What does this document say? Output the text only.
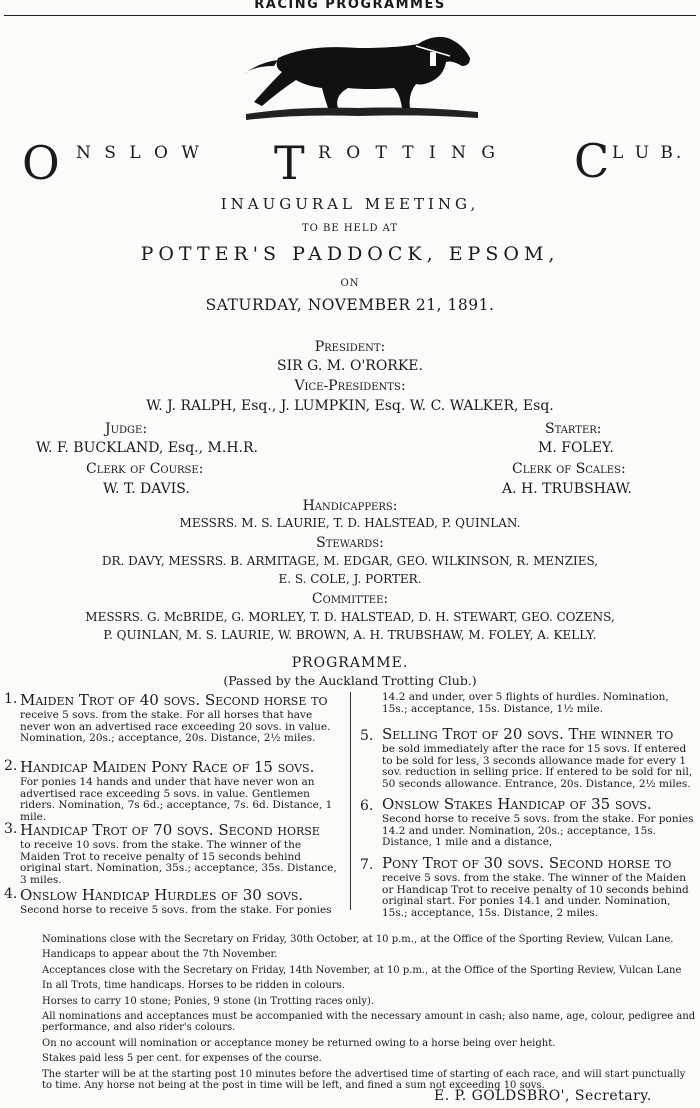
RACING PROGRAMMES
O N S L O W T R O T T I N G C L U B.
INAUGURAL MEETING,
TO BE HELD AT
POTTER'S PADDOCK, EPSOM,
ON
SATURDAY, NOVEMBER 21, 1891.
President:
SIR G. M. O'RORKE.
Vice-Presidents:
W. J. RALPH, Esq., J. LUMPKIN, Esq. W. C. WALKER, Esq.
Judge:	Starter:
W. F. BUCKLAND, Esq., M.H.R.	M. FOLEY.
Clerk of Course:	Clerk of Scales:
W. T. DAVIS.	A. H. TRUBSHAW.
Handicappers:
MESSRS. M. S. LAURIE, T. D. HALSTEAD, P. QUINLAN.
Stewards:
DR. DAVY, MESSRS. B. ARMITAGE, M. EDGAR, GEO. WILKINSON, R. MENZIES,
E. S. COLE, J. PORTER.
Committee:
MESSRS. G. McBRIDE, G. MORLEY, T. D. HALSTEAD, D. H. STEWART, GEO. COZENS,
P. QUINLAN, M. S. LAURIE, W. BROWN, A. H. TRUBSHAW, M. FOLEY, A. KELLY.
PROGRAMME.
(Passed by the Auckland Trotting Club.)
1. Maiden Trot of 40 sovs. Second horse to
receive 5 sovs. from the stake. For all horses that have never won an advertised race exceeding 20 sovs. in value. Nomination, 20s.; acceptance, 20s. Distance, 2½ miles.
2. Handicap Maiden Pony Race of 15 sovs.
For ponies 14 hands and under that have never won an advertised race exceeding 5 sovs. in value. Gentlemen riders. Nomination, 7s 6d.; acceptance, 7s. 6d. Distance, 1 mile.
3. Handicap Trot of 70 sovs. Second horse
to receive 10 sovs. from the stake. The winner of the Maiden Trot to receive penalty of 15 seconds behind original start. Nomination, 35s.; acceptance, 35s. Distance, 3 miles.
4. Onslow Handicap Hurdles of 30 sovs.
Second horse to receive 5 sovs. from the stake. For ponies
14.2 and under, over 5 flights of hurdles. Nomination, 15s.; acceptance, 15s. Distance, 1½ mile.
5. Selling Trot of 20 sovs. The winner to
be sold immediately after the race for 15 sovs. If entered to be sold for less, 3 seconds allowance made for every 1 sov. reduction in selling price. If entered to be sold for nil, 50 seconds allowance. Entrance, 20s. Distance, 2½ miles.
6. Onslow Stakes Handicap of 35 sovs.
Second horse to receive 5 sovs. from the stake. For ponies 14.2 and under. Nomination, 20s.; acceptance, 15s. Distance, 1 mile and a distance,
7. Pony Trot of 30 sovs. Second horse to
receive 5 sovs. from the stake. The winner of the Maiden or Handicap Trot to receive penalty of 10 seconds behind original start. For ponies 14.1 and under. Nomination, 15s.; acceptance, 15s. Distance, 2 miles.
Nominations close with the Secretary on Friday, 30th October, at 10 p.m., at the Office of the Sporting Review, Vulcan Lane.
Handicaps to appear about the 7th November.
Acceptances close with the Secretary on Friday, 14th November, at 10 p.m., at the Office of the Sporting Review, Vulcan Lane
In all Trots, time handicaps. Horses to be ridden in colours.
Horses to carry 10 stone; Ponies, 9 stone (in Trotting races only).
All nominations and acceptances must be accompanied with the necessary amount in cash; also name, age, colour, pedigree and performance, and also rider's colours.
On no account will nomination or acceptance money be returned owing to a horse being over height.
Stakes paid less 5 per cent. for expenses of the course.
The starter will be at the starting post 10 minutes before the advertised time of starting of each race, and will start punctually to time. Any horse not being at the post in time will be left, and fined a sum not exceeding 10 sovs.
E. P. GOLDSBRO', Secretary.
